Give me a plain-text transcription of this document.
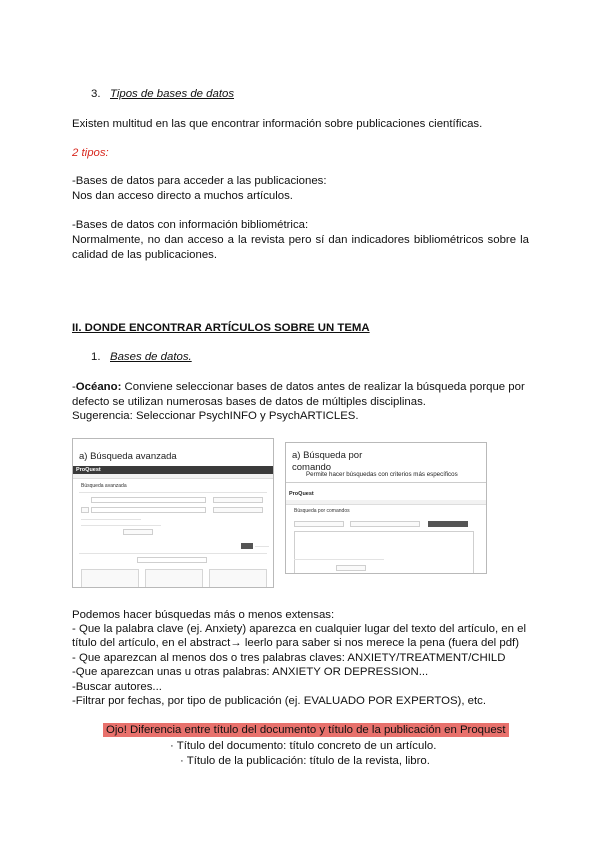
3. Tipos de bases de datos
Existen multitud en las que encontrar información sobre publicaciones científicas.
2 tipos:
-Bases de datos para acceder a las publicaciones:
Nos dan acceso directo a muchos artículos.
-Bases de datos con información bibliométrica:
Normalmente, no dan acceso a la revista pero sí dan indicadores bibliométricos sobre la
calidad de las publicaciones.
II. DONDE ENCONTRAR ARTÍCULOS SOBRE UN TEMA
1. Bases de datos.
-Océano: Conviene seleccionar bases de datos antes de realizar la búsqueda porque por
defecto se utilizan numerosas bases de datos de múltiples disciplinas.
Sugerencia: Seleccionar PsychINFO y PsychARTICLES.
a) Búsqueda avanzada
ProQuest
Búsqueda avanzada
a) Búsqueda por
comando
Permite hacer búsquedas con criterios más específicos
ProQuest
Búsqueda por comandos
Podemos hacer búsquedas más o menos extensas:
- Que la palabra clave (ej. Anxiety) aparezca en cualquier lugar del texto del artículo, en el
título del artículo, en el abstract→ leerlo para saber si nos merece la pena (fuera del pdf)
- Que aparezcan al menos dos o tres palabras claves: ANXIETY/TREATMENT/CHILD
-Que aparezcan unas u otras palabras: ANXIETY OR DEPRESSION...
-Buscar autores...
-Filtrar por fechas, por tipo de publicación (ej. EVALUADO POR EXPERTOS), etc.
Ojo! Diferencia entre título del documento y título de la publicación en Proquest
· Título del documento: título concreto de un artículo.
· Título de la publicación: título de la revista, libro.
